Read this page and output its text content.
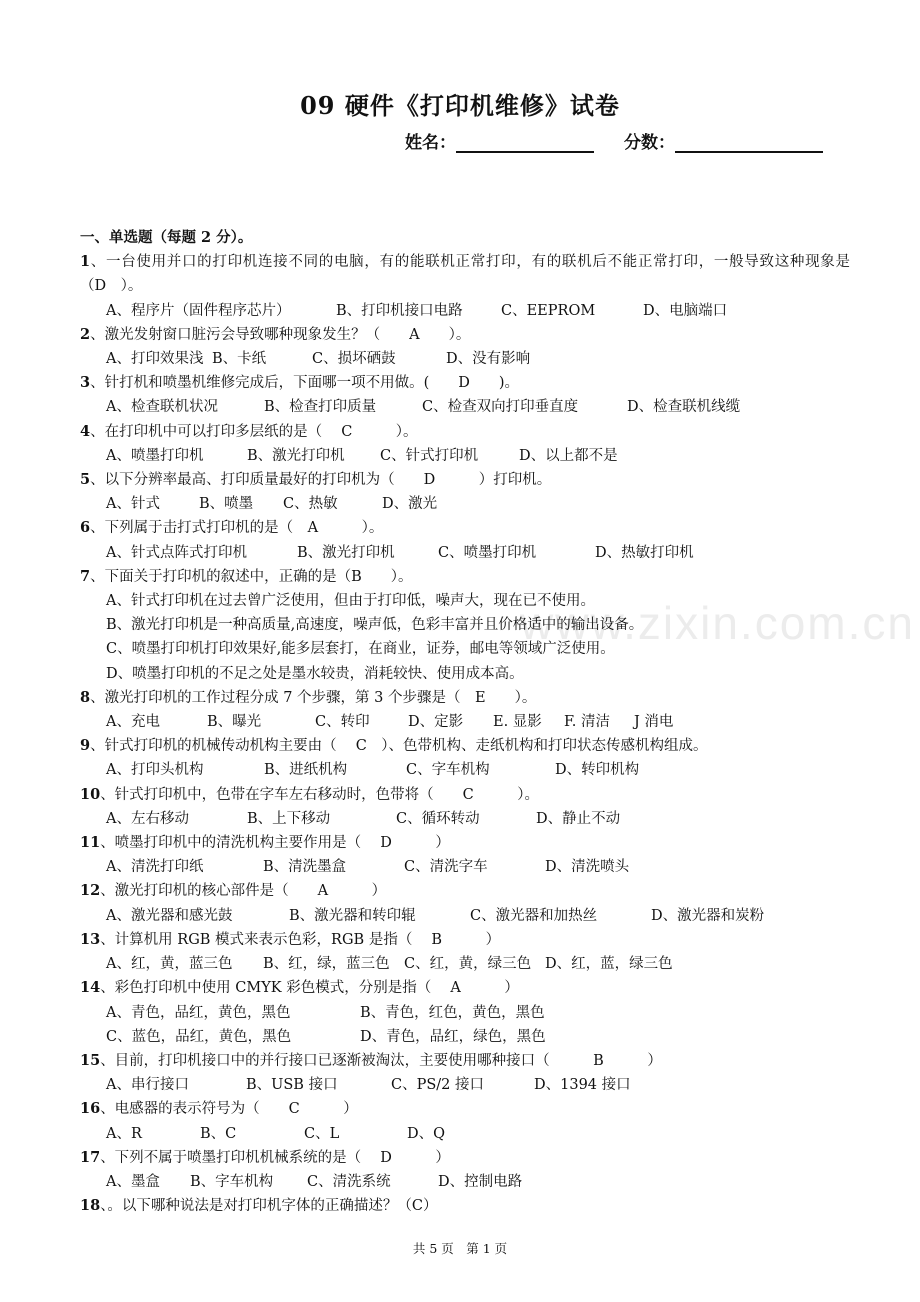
www.zixin.com.cn
09 硬件《打印机维修》试卷
姓名：	分数：
一、单选题（每题 2 分）。
1、一台使用并口的打印机连接不同的电脑，有的能联机正常打印，有的联机后不能正常打印，一般导致这种现象是（D　）。
A、程序片（固件程序芯片）	B、打印机接口电路	C、EEPROM	D、电脑端口
2、激光发射窗口脏污会导致哪种现象发生？（　　A　　）。
A、打印效果浅 B、卡纸	C、损坏硒鼓	D、没有影响
3、针打机和喷墨机维修完成后，下面哪一项不用做。(　　D　　)。
A、检查联机状况	B、检查打印质量	C、检查双向打印垂直度	D、检查联机线缆
4、在打印机中可以打印多层纸的是（　 C　　　）。
A、喷墨打印机	B、激光打印机 C、针式打印机	D、以上都不是
5、以下分辨率最高、打印质量最好的打印机为（　　D　　　）打印机。
A、针式	B、喷墨 C、热敏	D、激光
6、下列属于击打式打印机的是（　A　　　）。
A、针式点阵式打印机	B、激光打印机	C、喷墨打印机	D、热敏打印机
7、下面关于打印机的叙述中，正确的是（B　　）。
A、针式打印机在过去曾广泛使用，但由于打印低，噪声大，现在已不使用。
B、激光打印机是一种高质量,高速度，噪声低，色彩丰富并且价格适中的输出设备。
C、喷墨打印机打印效果好,能多层套打，在商业，证券，邮电等领域广泛使用。
D、喷墨打印机的不足之处是墨水较贵，消耗较快、使用成本高。
8、激光打印机的工作过程分成 7 个步骤，第 3 个步骤是（　E　　）。
A、充电	B、曝光	C、转印	D、定影 E. 显影 F. 清洁 J 消电
9、针式打印机的机械传动机构主要由（　 C　）、色带机构、走纸机构和打印状态传感机构组成。
A、打印头机构	B、进纸机构	C、字车机构	D、转印机构
10、针式打印机中，色带在字车左右移动时，色带将（　　C　　　）。
A、左右移动	B、上下移动	C、循环转动	D、静止不动
11、喷墨打印机中的清洗机构主要作用是（　 D　　　）
A、清洗打印纸	B、清洗墨盒	C、清洗字车	D、清洗喷头
12、激光打印机的核心部件是（　　A　　　）
A、激光器和感光鼓	B、激光器和转印辊	C、激光器和加热丝	D、激光器和炭粉
13、计算机用 RGB 模式来表示色彩，RGB 是指（　 B　　　）
A、红，黄，蓝三色 B、红，绿，蓝三色 C、红，黄，绿三色 D、红，蓝，绿三色
14、彩色打印机中使用 CMYK 彩色模式，分别是指（　 A　　　）
A、青色，品红，黄色，黑色	B、青色，红色，黄色，黑色
C、蓝色，品红，黄色，黑色	D、青色，品红，绿色，黑色
15、目前，打印机接口中的并行接口已逐渐被淘汰，主要使用哪种接口（　　　B　　　）
A、串行接口	B、USB 接口	C、PS/2 接口	D、1394 接口
16、电感器的表示符号为（　　C　　　）
A、R	B、C	C、L	D、Q
17、下列不属于喷墨打印机机械系统的是（　 D　　　）
A、墨盒 B、字车机构 C、清洗系统	D、控制电路
18、。以下哪种说法是对打印机字体的正确描述？（C）
共 5 页　第 1 页
